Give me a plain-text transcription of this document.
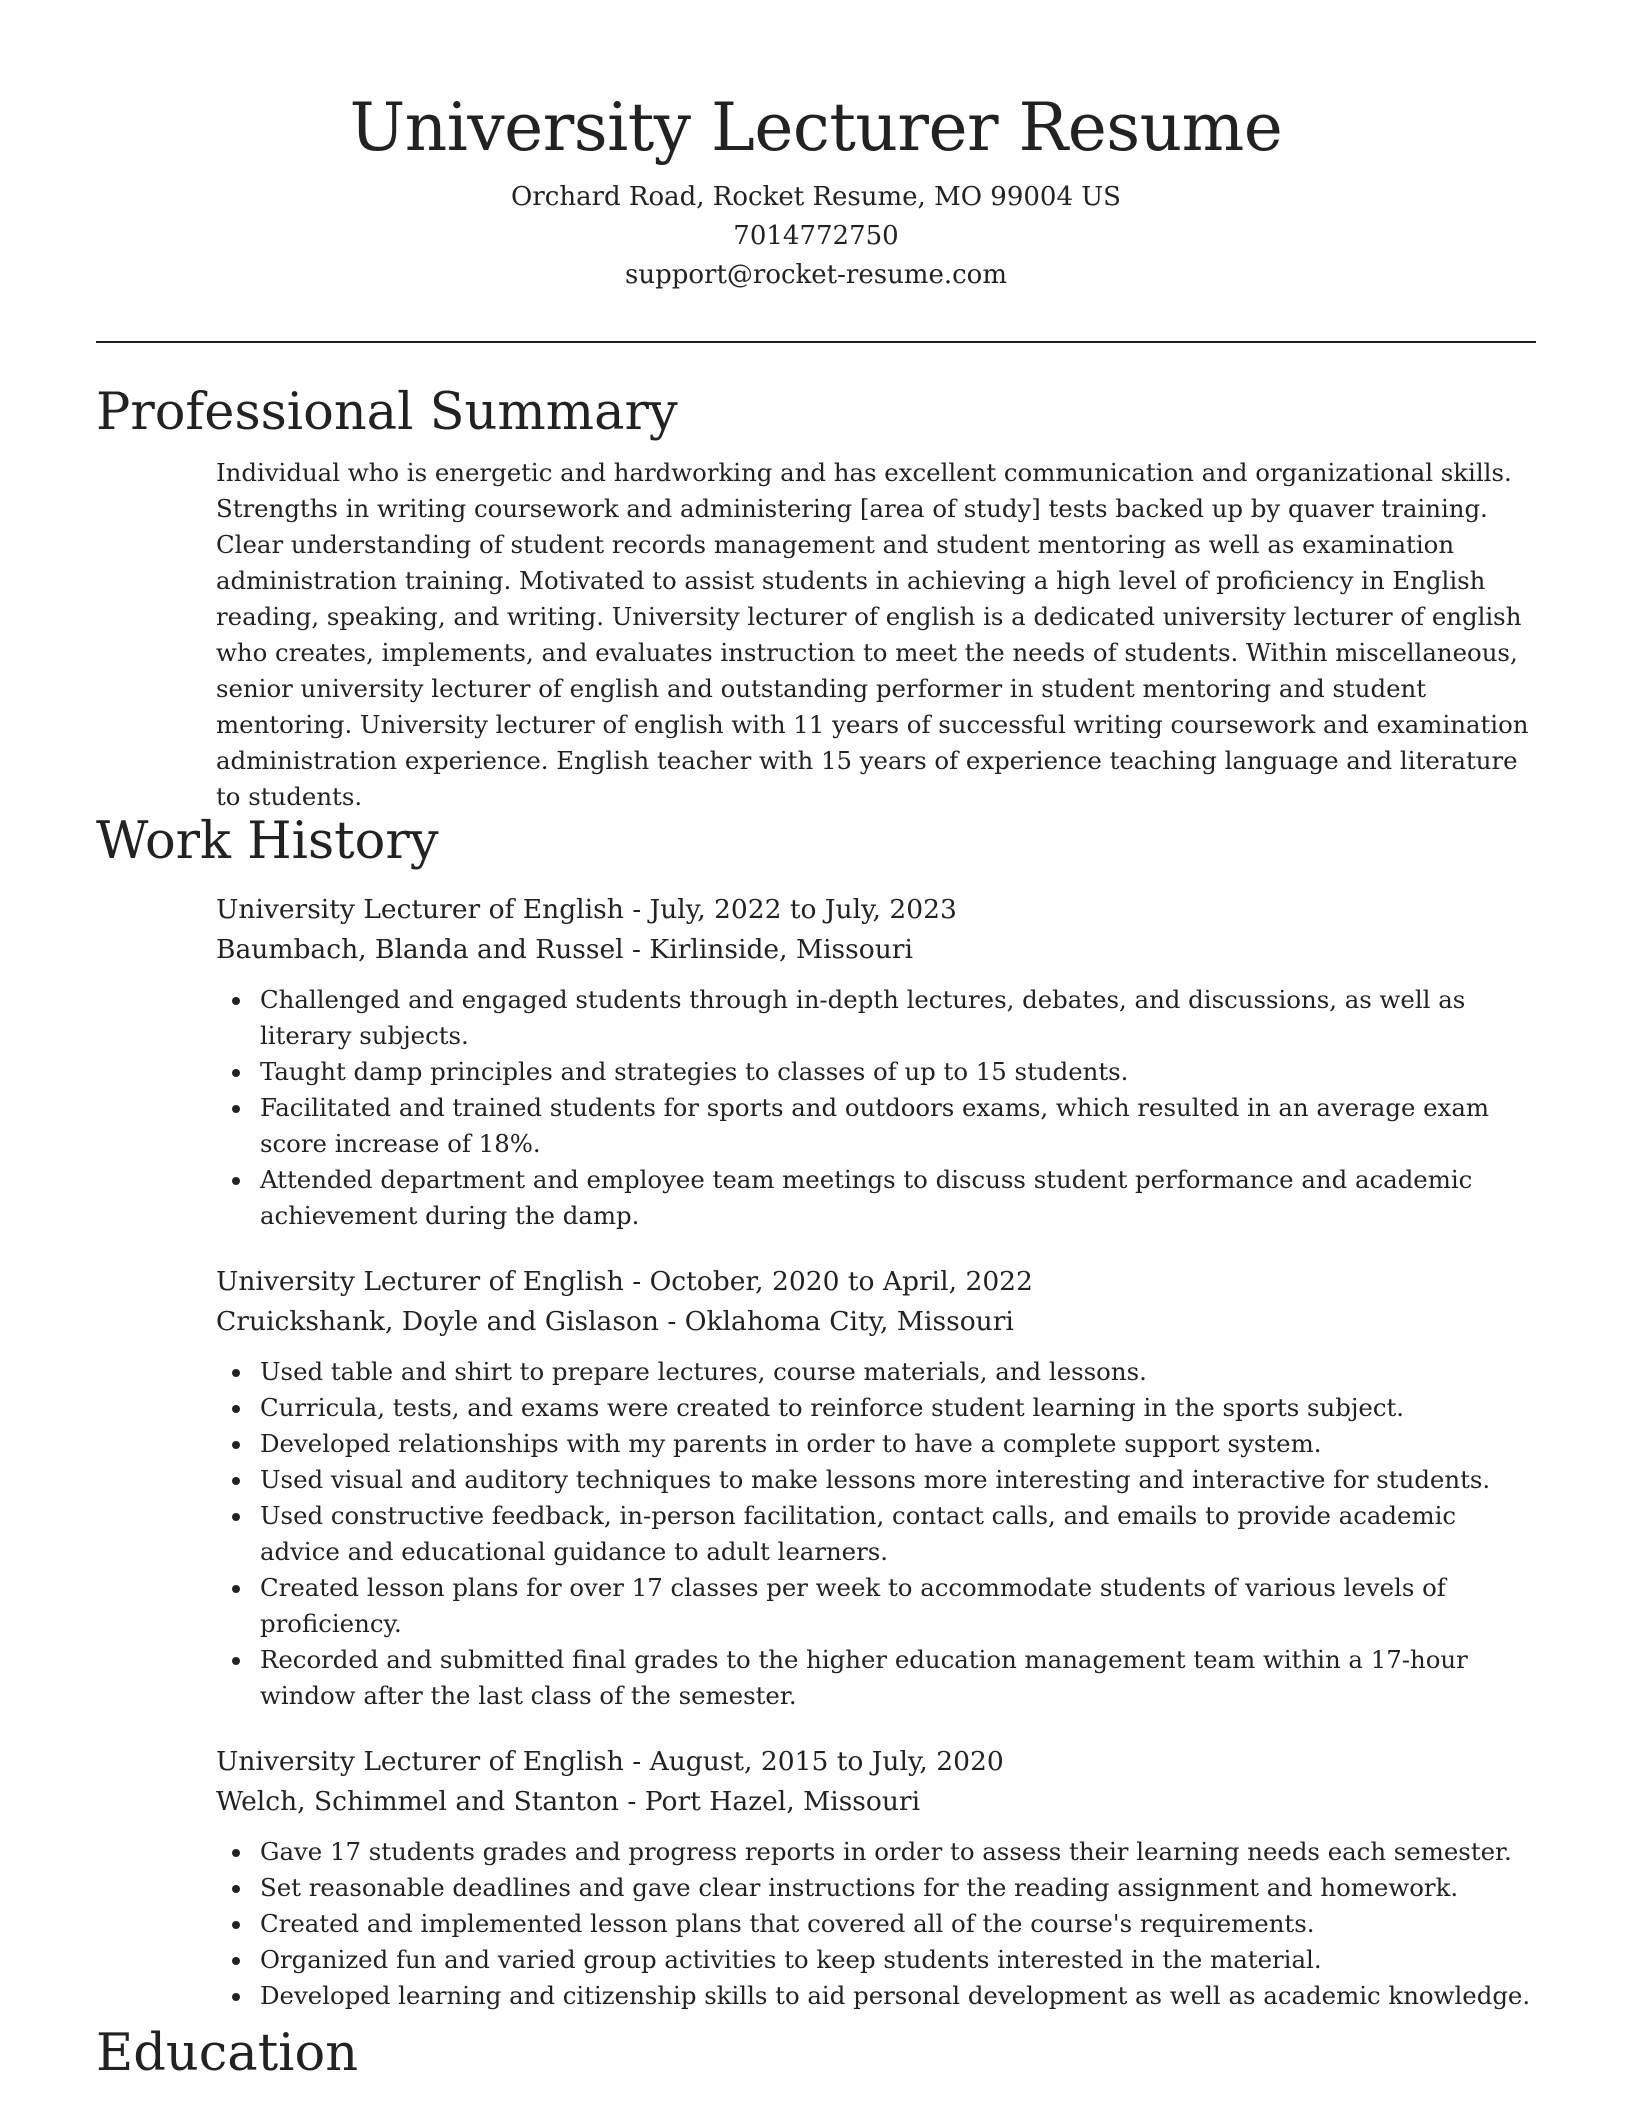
University Lecturer Resume

Orchard Road, Rocket Resume, MO 99004 US

7014772750

support@rocket-resume.com

Professional Summary

Individual who is energetic and hardworking and has excellent communication and organizational skills. Strengths in writing coursework and administering [area of study] tests backed up by quaver training. Clear understanding of student records management and student mentoring as well as examination administration training. Motivated to assist students in achieving a high level of proficiency in English reading, speaking, and writing. University lecturer of english is a dedicated university lecturer of english who creates, implements, and evaluates instruction to meet the needs of students. Within miscellaneous, senior university lecturer of english and outstanding performer in student mentoring and student mentoring. University lecturer of english with 11 years of successful writing coursework and examination administration experience. English teacher with 15 years of experience teaching language and literature to students.

Work History

University Lecturer of English - July, 2022 to July, 2023

Baumbach, Blanda and Russel - Kirlinside, Missouri

Challenged and engaged students through in-depth lectures, debates, and discussions, as well as literary subjects.
Taught damp principles and strategies to classes of up to 15 students.
Facilitated and trained students for sports and outdoors exams, which resulted in an average exam score increase of 18%.
Attended department and employee team meetings to discuss student performance and academic achievement during the damp.

University Lecturer of English - October, 2020 to April, 2022

Cruickshank, Doyle and Gislason - Oklahoma City, Missouri

Used table and shirt to prepare lectures, course materials, and lessons.
Curricula, tests, and exams were created to reinforce student learning in the sports subject.
Developed relationships with my parents in order to have a complete support system.
Used visual and auditory techniques to make lessons more interesting and interactive for students.
Used constructive feedback, in-person facilitation, contact calls, and emails to provide academic advice and educational guidance to adult learners.
Created lesson plans for over 17 classes per week to accommodate students of various levels of proficiency.
Recorded and submitted final grades to the higher education management team within a 17-hour window after the last class of the semester.

University Lecturer of English - August, 2015 to July, 2020

Welch, Schimmel and Stanton - Port Hazel, Missouri

Gave 17 students grades and progress reports in order to assess their learning needs each semester.
Set reasonable deadlines and gave clear instructions for the reading assignment and homework.
Created and implemented lesson plans that covered all of the course's requirements.
Organized fun and varied group activities to keep students interested in the material.
Developed learning and citizenship skills to aid personal development as well as academic knowledge.
Education
